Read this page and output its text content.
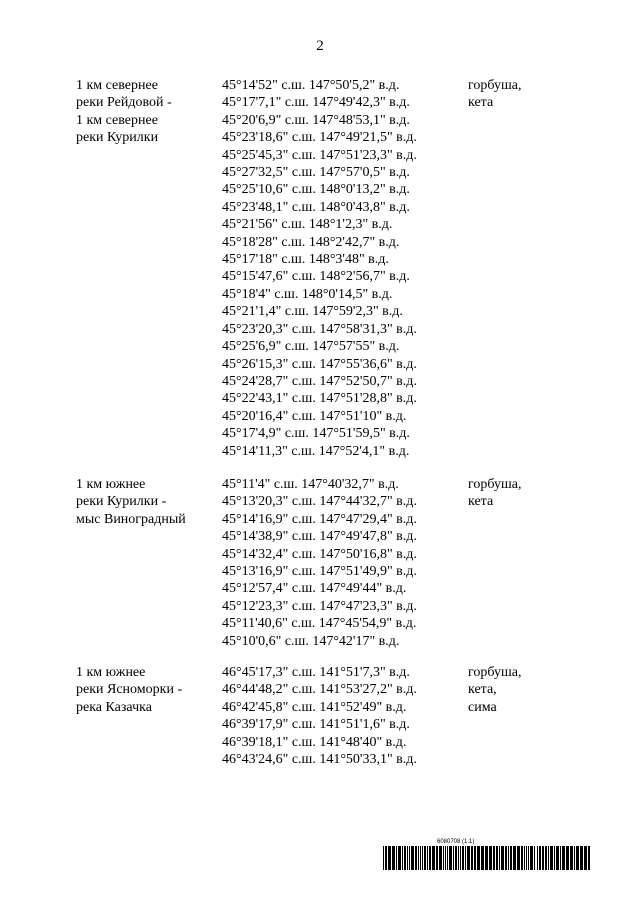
2
1 км севернее
реки Рейдовой -
1 км севернее
реки Курилки
45°14'52" с.ш. 147°50'5,2" в.д.
45°17'7,1" с.ш. 147°49'42,3" в.д.
45°20'6,9" с.ш. 147°48'53,1" в.д.
45°23'18,6" с.ш. 147°49'21,5" в.д.
45°25'45,3" с.ш. 147°51'23,3" в.д.
45°27'32,5" с.ш. 147°57'0,5" в.д.
45°25'10,6" с.ш. 148°0'13,2" в.д.
45°23'48,1" с.ш. 148°0'43,8" в.д.
45°21'56" с.ш. 148°1'2,3" в.д.
45°18'28" с.ш. 148°2'42,7" в.д.
45°17'18" с.ш. 148°3'48" в.д.
45°15'47,6" с.ш. 148°2'56,7" в.д.
45°18'4" с.ш. 148°0'14,5" в.д.
45°21'1,4" с.ш. 147°59'2,3" в.д.
45°23'20,3" с.ш. 147°58'31,3" в.д.
45°25'6,9" с.ш. 147°57'55" в.д.
45°26'15,3" с.ш. 147°55'36,6" в.д.
45°24'28,7" с.ш. 147°52'50,7" в.д.
45°22'43,1" с.ш. 147°51'28,8" в.д.
45°20'16,4" с.ш. 147°51'10" в.д.
45°17'4,9" с.ш. 147°51'59,5" в.д.
45°14'11,3" с.ш. 147°52'4,1" в.д.
горбуша,
кета
1 км южнее
реки Курилки -
мыс Виноградный
45°11'4" с.ш. 147°40'32,7" в.д.
45°13'20,3" с.ш. 147°44'32,7" в.д.
45°14'16,9" с.ш. 147°47'29,4" в.д.
45°14'38,9" с.ш. 147°49'47,8" в.д.
45°14'32,4" с.ш. 147°50'16,8" в.д.
45°13'16,9" с.ш. 147°51'49,9" в.д.
45°12'57,4" с.ш. 147°49'44" в.д.
45°12'23,3" с.ш. 147°47'23,3" в.д.
45°11'40,6" с.ш. 147°45'54,9" в.д.
45°10'0,6" с.ш. 147°42'17" в.д.
горбуша,
кета
1 км южнее
реки Ясноморки -
река Казачка
46°45'17,3" с.ш. 141°51'7,3" в.д.
46°44'48,2" с.ш. 141°53'27,2" в.д.
46°42'45,8" с.ш. 141°52'49" в.д.
46°39'17,9" с.ш. 141°51'1,6" в.д.
46°39'18,1" с.ш. 141°48'40" в.д.
46°43'24,6" с.ш. 141°50'33,1" в.д.
горбуша,
кета,
сима
6080708 (1.1)
